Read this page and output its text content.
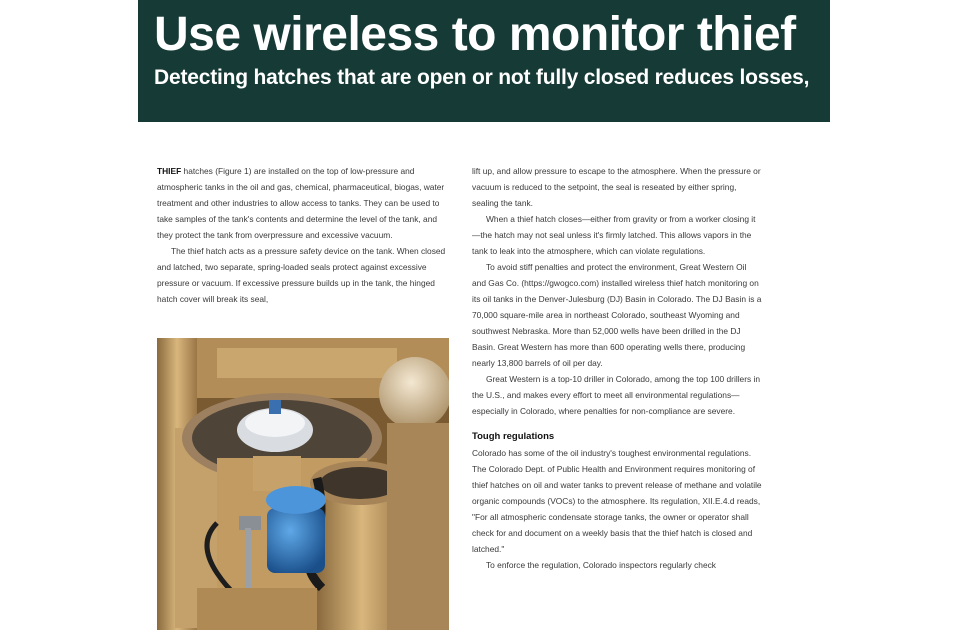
Use wireless to monitor thief
Detecting hatches that are open or not fully closed reduces losses,

THIEF hatches (Figure 1) are installed on the top of low-pressure and atmospheric tanks in the oil and gas, chemical, pharmaceutical, biogas, water treatment and other industries to allow access to tanks. They can be used to take samples of the tank's contents and determine the level of the tank, and they protect the tank from overpressure and excessive vacuum.

The thief hatch acts as a pressure safety device on the tank. When closed and latched, two separate, spring-loaded seals protect against excessive pressure or vacuum. If excessive pressure builds up in the tank, the hinged hatch cover will break its seal,

lift up, and allow pressure to escape to the atmosphere. When the pressure or vacuum is reduced to the setpoint, the seal is reseated by either spring, sealing the tank.

When a thief hatch closes—either from gravity or from a worker closing it—the hatch may not seal unless it's firmly latched. This allows vapors in the tank to leak into the atmosphere, which can violate regulations.

To avoid stiff penalties and protect the environment, Great Western Oil and Gas Co. (https://gwogco.com) installed wireless thief hatch monitoring on its oil tanks in the Denver-Julesburg (DJ) Basin in Colorado. The DJ Basin is a 70,000 square-mile area in northeast Colorado, southeast Wyoming and southwest Nebraska. More than 52,000 wells have been drilled in the DJ Basin. Great Western has more than 600 operating wells there, producing nearly 13,800 barrels of oil per day.

Great Western is a top-10 driller in Colorado, among the top 100 drillers in the U.S., and makes every effort to meet all environmental regulations—especially in Colorado, where penalties for non-compliance are severe.

Tough regulations

Colorado has some of the oil industry's toughest environmental regulations. The Colorado Dept. of Public Health and Environment requires monitoring of thief hatches on oil and water tanks to prevent release of methane and volatile organic compounds (VOCs) to the atmosphere. Its regulation, XII.E.4.d reads, "For all atmospheric condensate storage tanks, the owner or operator shall check for and document on a weekly basis that the thief hatch is closed and latched."

To enforce the regulation, Colorado inspectors regularly check
